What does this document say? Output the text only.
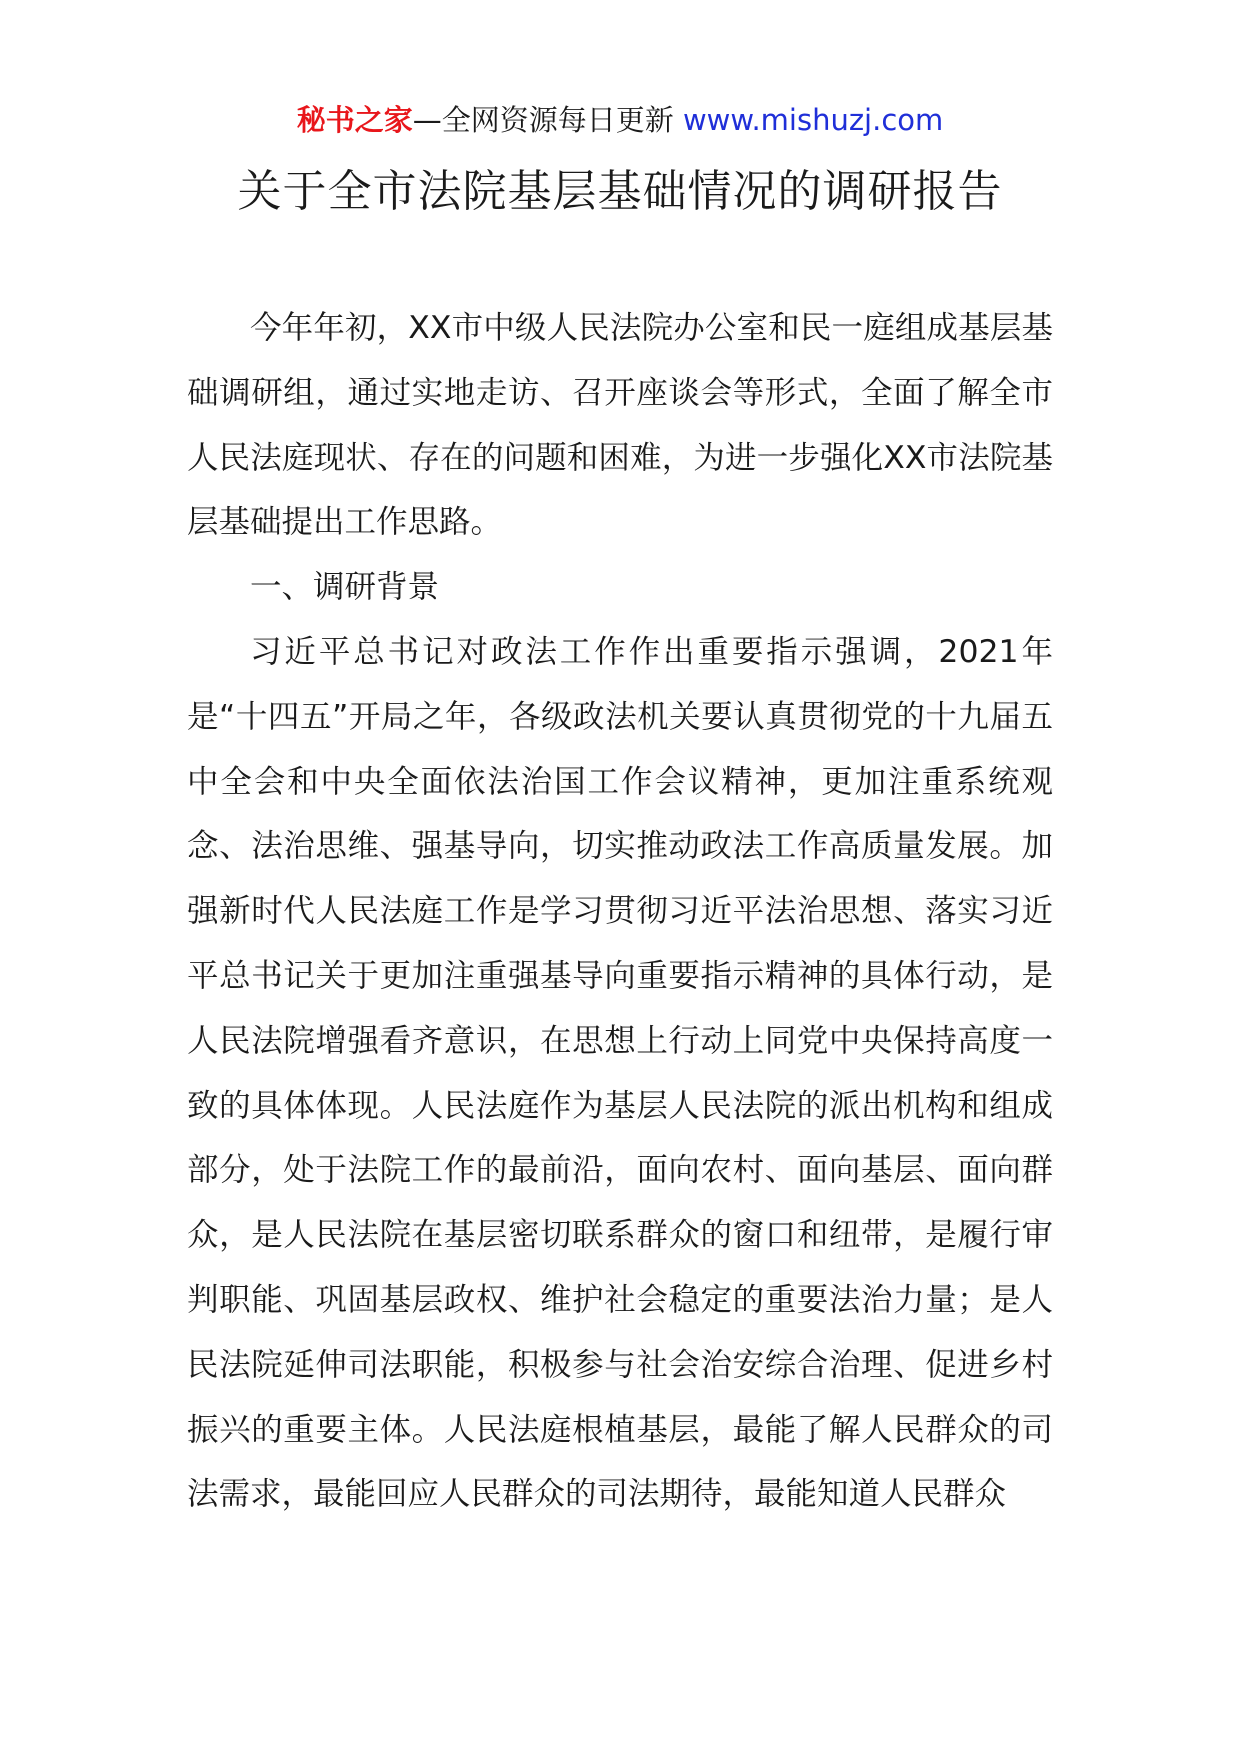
秘书之家—全网资源每日更新 www.mishuzj.com
关于全市法院基层基础情况的调研报告

今年年初，XX市中级人民法院办公室和民一庭组成基层基础调研组，通过实地走访、召开座谈会等形式，全面了解全市人民法庭现状、存在的问题和困难，为进一步强化XX市法院基层基础提出工作思路。

一、调研背景

习近平总书记对政法工作作出重要指示强调，2021年是“十四五”开局之年，各级政法机关要认真贯彻党的十九届五中全会和中央全面依法治国工作会议精神，更加注重系统观念、法治思维、强基导向，切实推动政法工作高质量发展。加强新时代人民法庭工作是学习贯彻习近平法治思想、落实习近平总书记关于更加注重强基导向重要指示精神的具体行动，是人民法院增强看齐意识，在思想上行动上同党中央保持高度一致的具体体现。人民法庭作为基层人民法院的派出机构和组成部分，处于法院工作的最前沿，面向农村、面向基层、面向群众，是人民法院在基层密切联系群众的窗口和纽带，是履行审判职能、巩固基层政权、维护社会稳定的重要法治力量；是人民法院延伸司法职能，积极参与社会治安综合治理、促进乡村振兴的重要主体。人民法庭根植基层，最能了解人民群众的司法需求，最能回应人民群众的司法期待，最能知道人民群众
